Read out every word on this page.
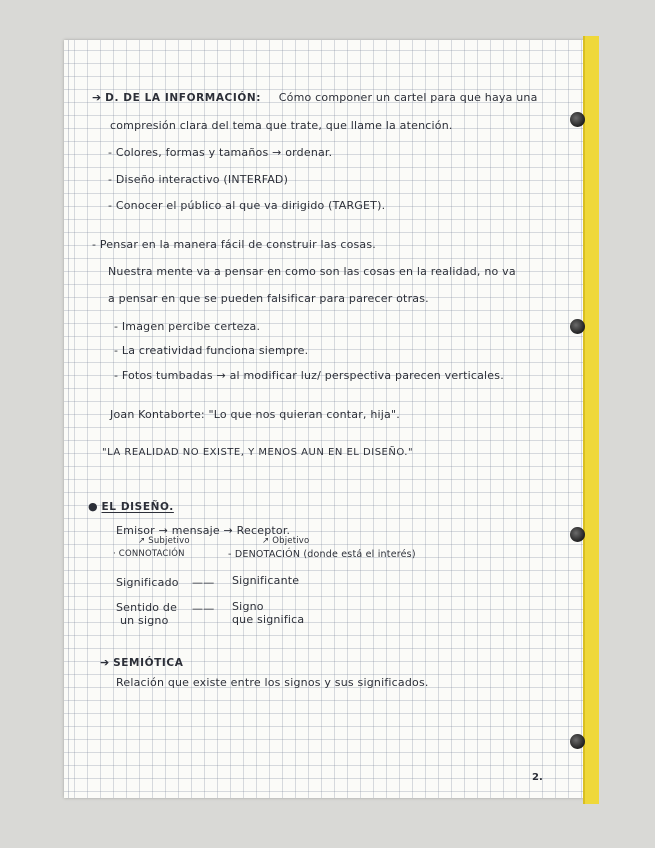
➔ D. DE LA INFORMACIÓN: Cómo componer un cartel para que haya una
compresión clara del tema que trate, que llame la atención.
- Colores, formas y tamaños → ordenar.
- Diseño interactivo (INTERFAD)
- Conocer el público al que va dirigido (TARGET).
- Pensar en la manera fácil de construir las cosas.
Nuestra mente va a pensar en como son las cosas en la realidad, no va
a pensar en que se pueden falsificar para parecer otras.
- Imagen percibe certeza.
- La creatividad funciona siempre.
- Fotos tumbadas → al modificar luz/ perspectiva parecen verticales.
Joan Kontaborte: "Lo que nos quieran contar, hija".
"LA REALIDAD NO EXISTE, Y MENOS AUN EN EL DISEÑO."
● EL DISEÑO.
Emisor → mensaje → Receptor.
↗ Subjetivo	↗ Objetivo
· CONNOTACIÓN	- DENOTACIÓN (donde está el interés)
Significado —— Significante
Sentido de
un signo
—— Signo
que significa
➔ SEMIÓTICA
Relación que existe entre los signos y sus significados.
2.
